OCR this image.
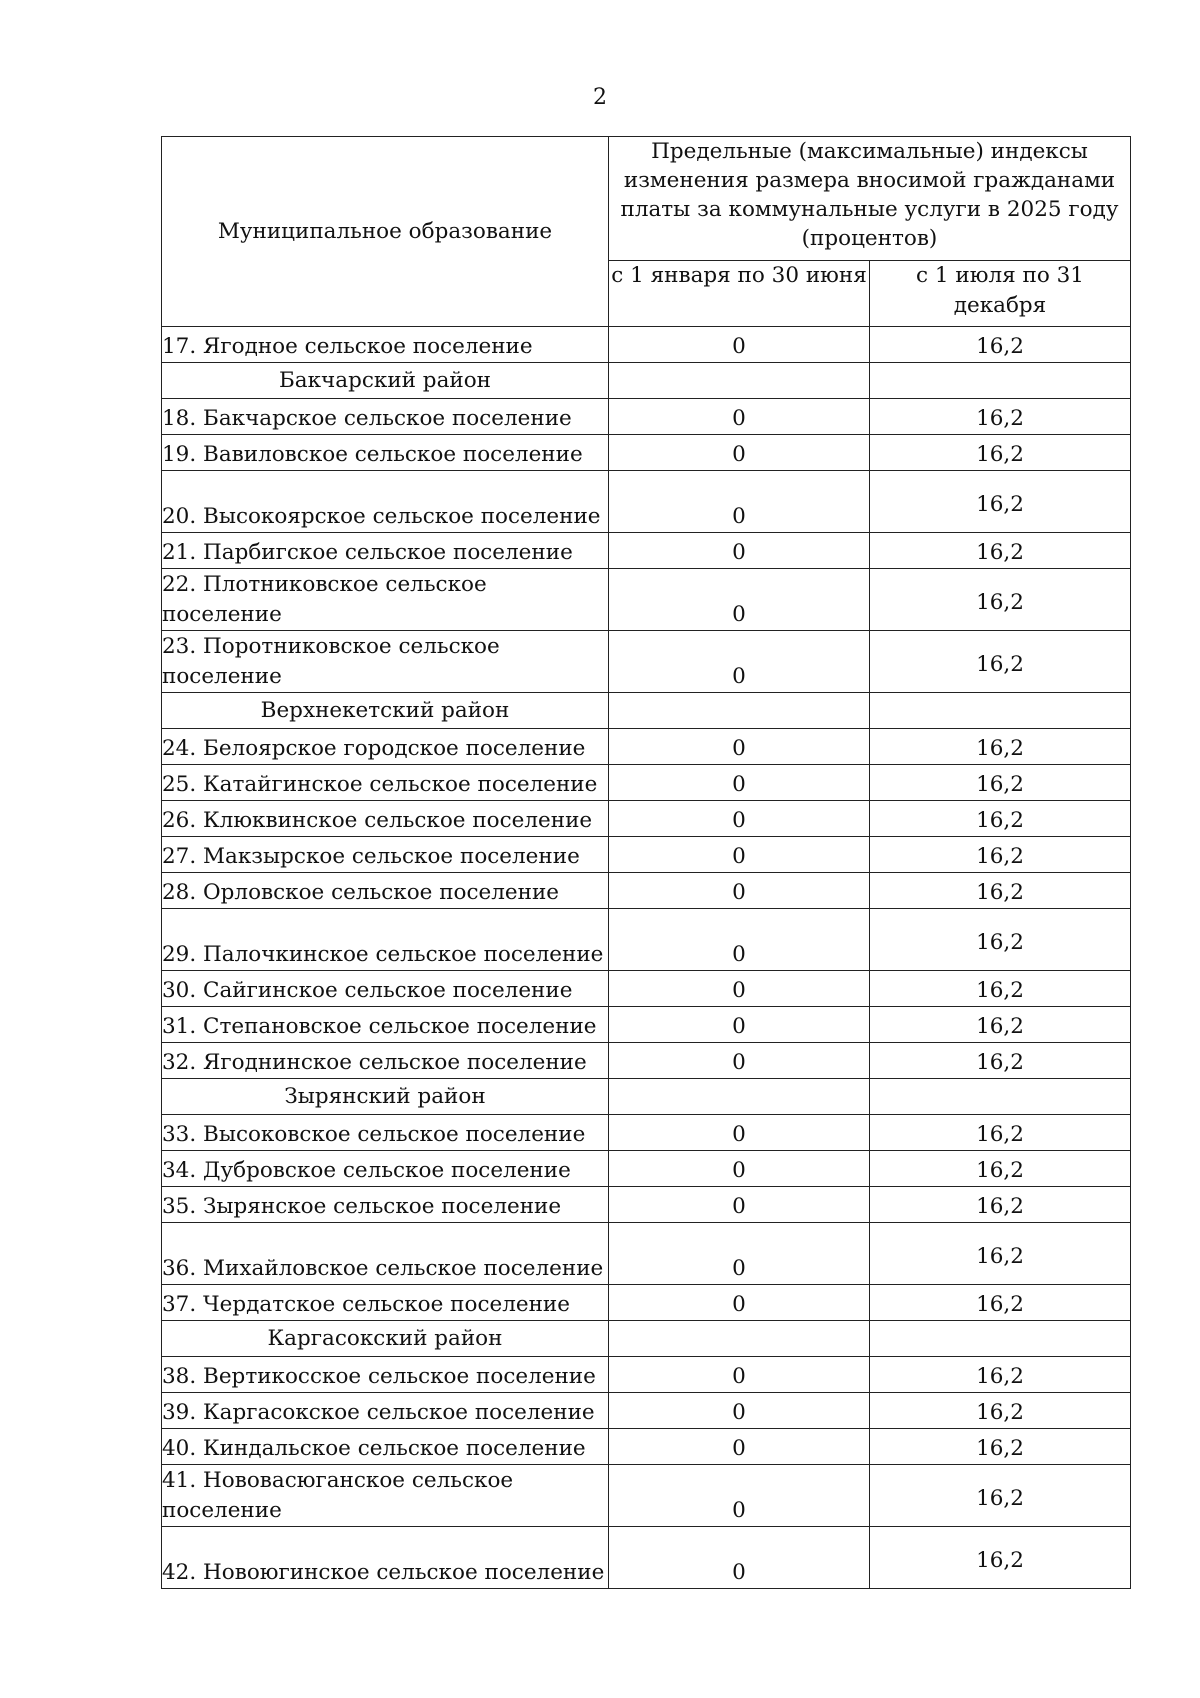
2
Муниципальное образование	Предельные (максимальные) индексы изменения размера вносимой гражданами платы за коммунальные услуги в 2025 году (процентов)	
	с 1 января по 30 июня	с 1 июля по 31 декабря
17. Ягодное сельское поселение	0	16,2
Бакчарский район		
18. Бакчарское сельское поселение	0	16,2
19. Вавиловское сельское поселение	0	16,2
20. Высокоярское сельское поселение	0	16,2
21. Парбигское сельское поселение	0	16,2
22. Плотниковское сельское поселение	0	16,2
23. Поротниковское сельское поселение	0	16,2
Верхнекетский район		
24. Белоярское городское поселение	0	16,2
25. Катайгинское сельское поселение	0	16,2
26. Клюквинское сельское поселение	0	16,2
27. Макзырское сельское поселение	0	16,2
28. Орловское сельское поселение	0	16,2
29. Палочкинское сельское поселение	0	16,2
30. Сайгинское сельское поселение	0	16,2
31. Степановское сельское поселение	0	16,2
32. Ягоднинское сельское поселение	0	16,2
Зырянский район		
33. Высоковское сельское поселение	0	16,2
34. Дубровское сельское поселение	0	16,2
35. Зырянское сельское поселение	0	16,2
36. Михайловское сельское поселение	0	16,2
37. Чердатское сельское поселение	0	16,2
Каргасокский район		
38. Вертикосское сельское поселение	0	16,2
39. Каргасокское сельское поселение	0	16,2
40. Киндальское сельское поселение	0	16,2
41. Нововасюганское сельское поселение	0	16,2
42. Новоюгинское сельское поселение	0	16,2
